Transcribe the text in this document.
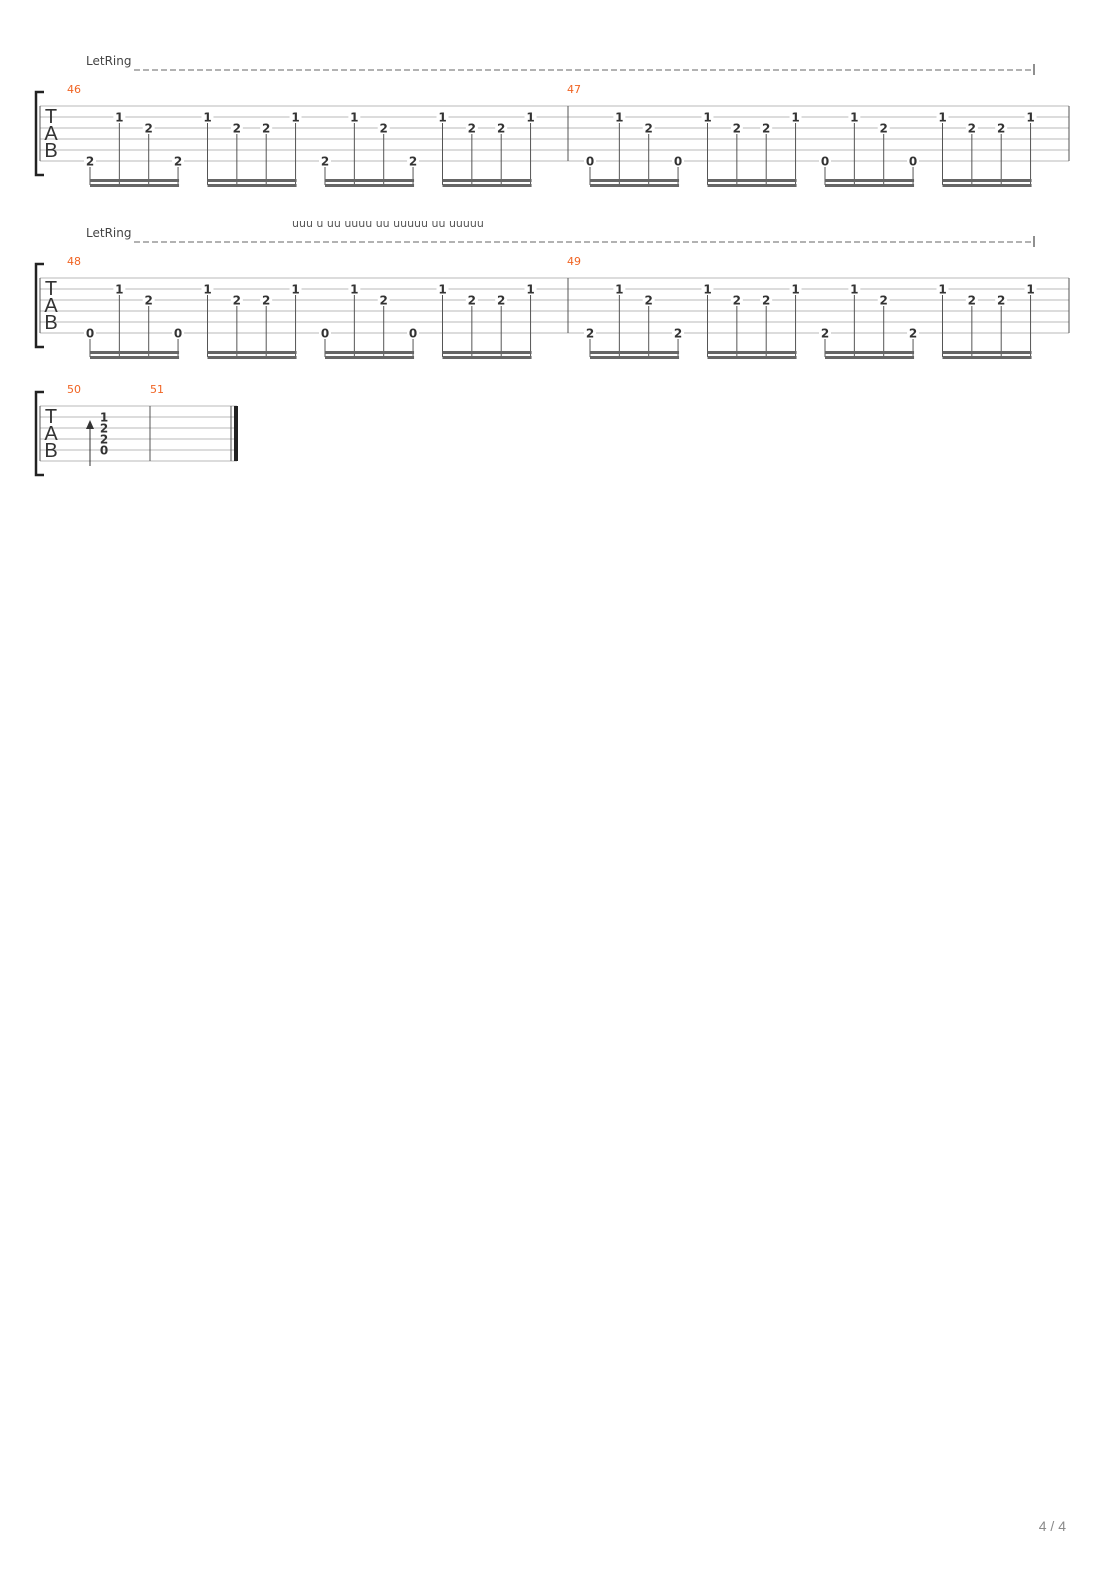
T
A
B
LetRing
46
2
1
2
2
1
2 2
1
2
1
2
2
1
2 2
1
47
0
1
2
0
1
2 2
1
0
1
2
0
1
2 2
1
T
A
B
LetRing
uuu u uu uuuu uu uuuuu uu uuuuu
48
0
1
2
0
1
2 2
1
0
1
2
0
1
2 2
1
49
2
1
2
2
1
2 2
1
2
1
2
2
1
2 2
1
T
A
B
50	51
1
2
2
0
4 / 4
